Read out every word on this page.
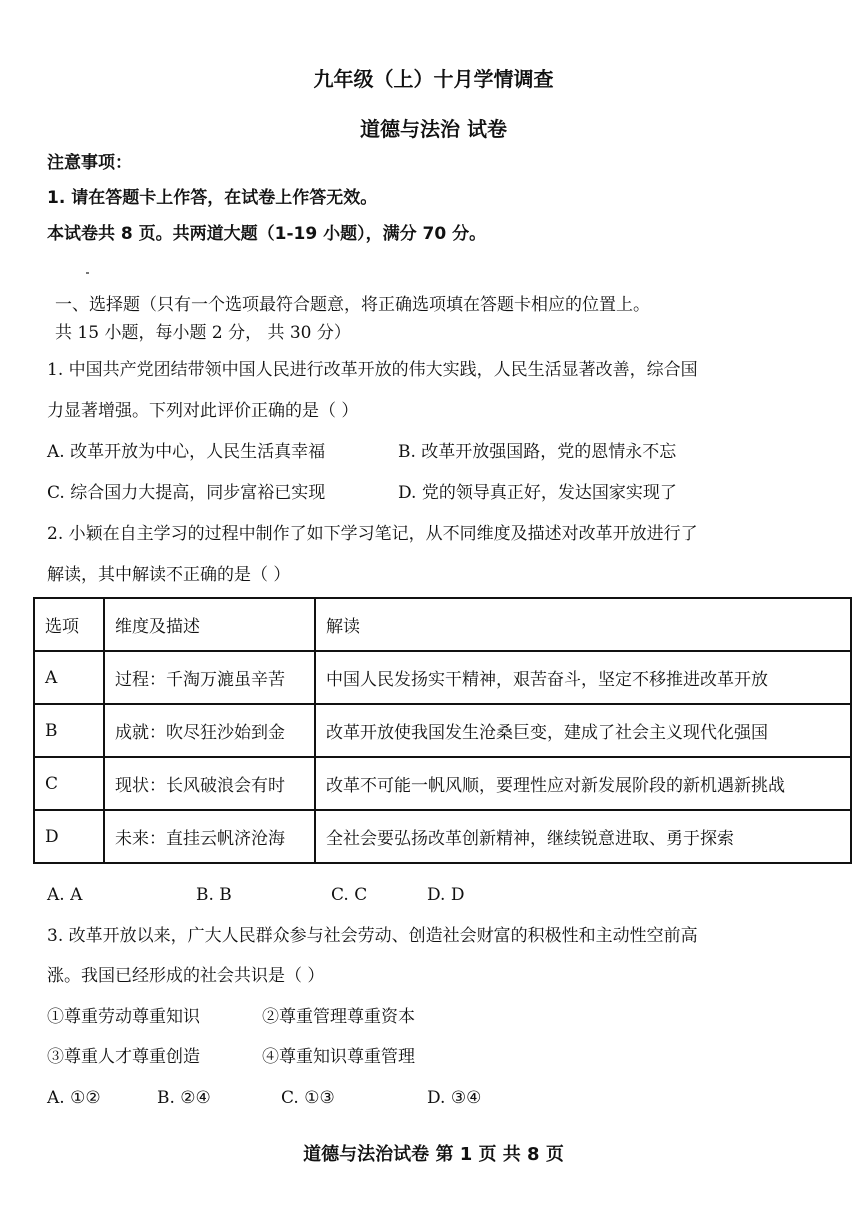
九年级（上）十月学情调查
道德与法治 试卷
注意事项：
1. 请在答题卡上作答，在试卷上作答无效。
本试卷共 8 页。共两道大题（1-19 小题），满分 70 分。
一、选择题（只有一个选项最符合题意，将正确选项填在答题卡相应的位置上。
共 15 小题，每小题 2 分， 共 30 分）
1. 中国共产党团结带领中国人民进行改革开放的伟大实践，人民生活显著改善，综合国
力显著增强。下列对此评价正确的是（ ）
A. 改革开放为中心，人民生活真幸福	B. 改革开放强国路，党的恩情永不忘
C. 综合国力大提高，同步富裕已实现	D. 党的领导真正好，发达国家实现了
2. 小颖在自主学习的过程中制作了如下学习笔记，从不同维度及描述对改革开放进行了
解读，其中解读不正确的是（ ）
选项	维度及描述	解读
A	过程：千淘万漉虽辛苦	中国人民发扬实干精神，艰苦奋斗，坚定不移推进改革开放
B	成就：吹尽狂沙始到金	改革开放使我国发生沧桑巨变，建成了社会主义现代化强国
C	现状：长风破浪会有时	改革不可能一帆风顺，要理性应对新发展阶段的新机遇新挑战
D	未来：直挂云帆济沧海	全社会要弘扬改革创新精神，继续锐意进取、勇于探索
A. A	B. B	C. C	D. D
3. 改革开放以来，广大人民群众参与社会劳动、创造社会财富的积极性和主动性空前高
涨。我国已经形成的社会共识是（ ）
①尊重劳动尊重知识	②尊重管理尊重资本
③尊重人才尊重创造	④尊重知识尊重管理
A. ①②	B. ②④	C. ①③	D. ③④
道德与法治试卷 第 1 页 共 8 页
